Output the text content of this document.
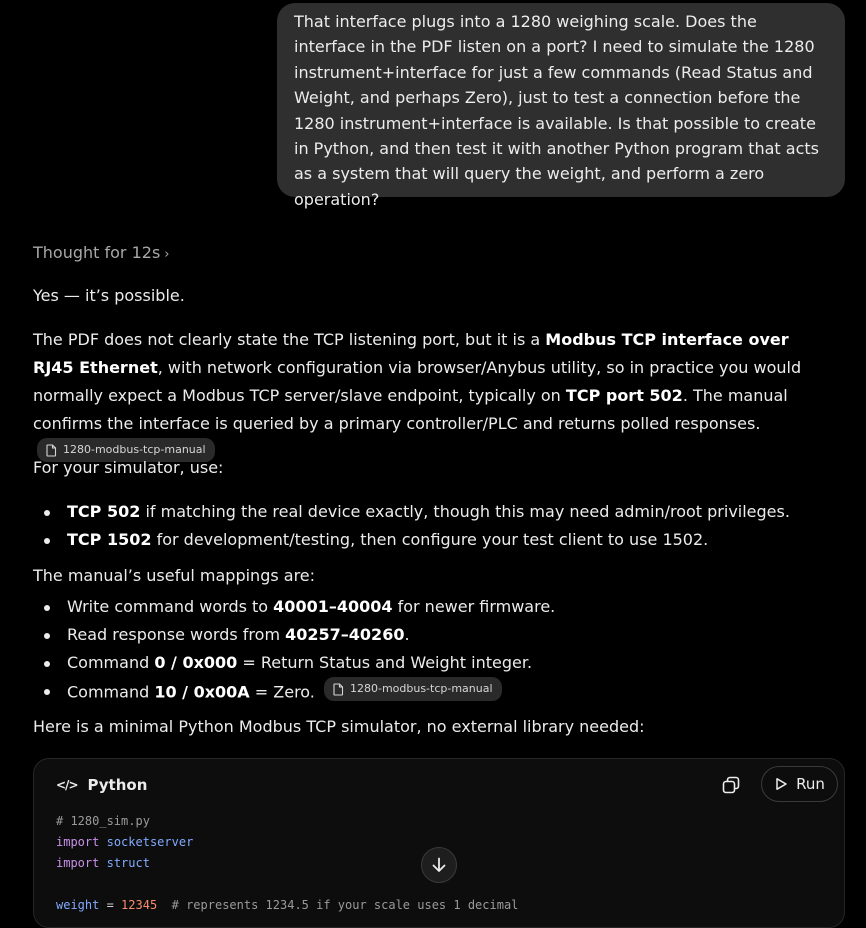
That interface plugs into a 1280 weighing scale. Does the interface in the PDF listen on a port? I need to simulate the 1280 instrument+interface for just a few commands (Read Status and Weight, and perhaps Zero), just to test a connection before the 1280 instrument+interface is available. Is that possible to create in Python, and then test it with another Python program that acts as a system that will query the weight, and perform a zero operation?
Thought for 12s ›
Yes — it’s possible.
The PDF does not clearly state the TCP listening port, but it is a Modbus TCP interface over RJ45 Ethernet, with network configuration via browser/Anybus utility, so in practice you would normally expect a Modbus TCP server/slave endpoint, typically on TCP port 502. The manual confirms the interface is queried by a primary controller/PLC and returns polled responses.
1280-modbus-tcp-manual
For your simulator, use:
TCP 502 if matching the real device exactly, though this may need admin/root privileges.
TCP 1502 for development/testing, then configure your test client to use 1502.
The manual’s useful mappings are:
Write command words to 40001–40004 for newer firmware.
Read response words from 40257–40260.
Command 0 / 0x000 = Return Status and Weight integer.
Command 10 / 0x00A = Zero.	1280-modbus-tcp-manual
Here is a minimal Python Modbus TCP simulator, no external library needed:
</> Python	Run
# 1280_sim.py
import socketserver
import struct

weight = 12345  # represents 1234.5 if your scale uses 1 decimal
